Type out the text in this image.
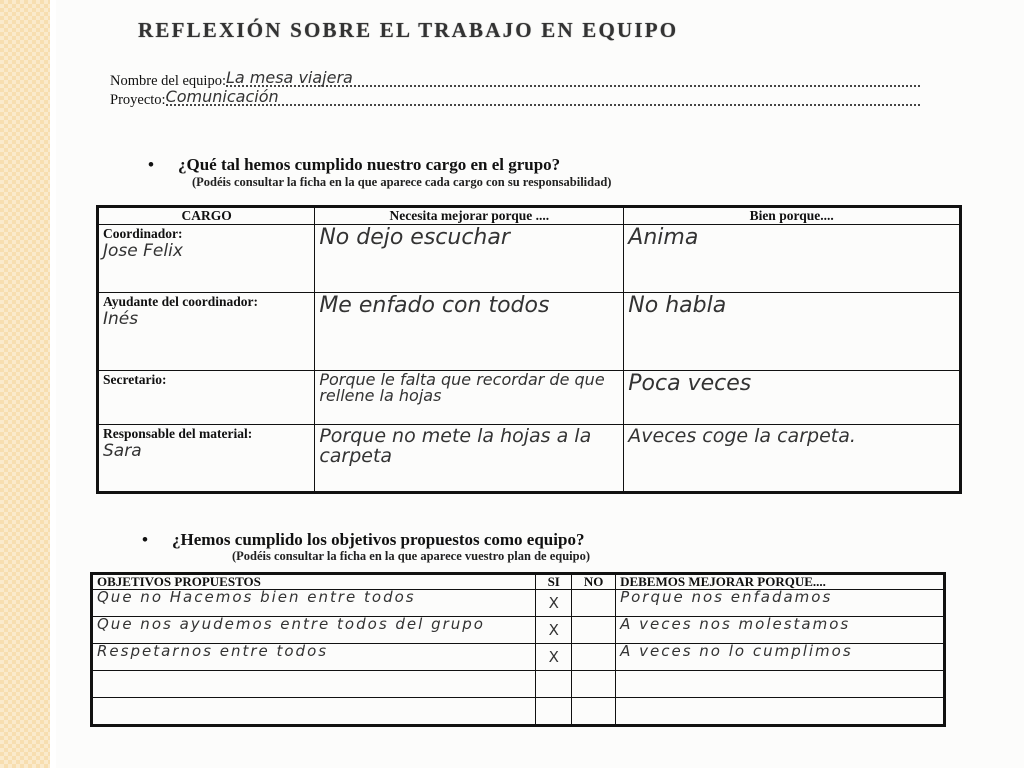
REFLEXIÓN SOBRE EL TRABAJO EN EQUIPO
Nombre del equipo:La mesa viajera
Proyecto:Comunicación
• ¿Qué tal hemos cumplido nuestro cargo en el grupo?
(Podéis consultar la ficha en la que aparece cada cargo con su responsabilidad)
CARGO	Necesita mejorar porque ....	Bien porque....

Coordinador:
Jose Felix	No dejo escuchar	Anima

Ayudante del coordinador:
Inés	Me enfado con todos	No habla

Secretario:	Porque le falta que recordar de que rellene la hojas	Poca veces

Responsable del material:
Sara	Porque no mete la hojas a la carpeta	Aveces coge la carpeta.
• ¿Hemos cumplido los objetivos propuestos como equipo?
(Podéis consultar la ficha en la que aparece vuestro plan de equipo)
OBJETIVOS PROPUESTOS	SI	NO	DEBEMOS MEJORAR PORQUE....
Que no Hacemos bien entre todos	X		Porque nos enfadamos
Que nos ayudemos entre todos del grupo	X		A veces nos molestamos
Respetarnos entre todos	X		A veces no lo cumplimos
